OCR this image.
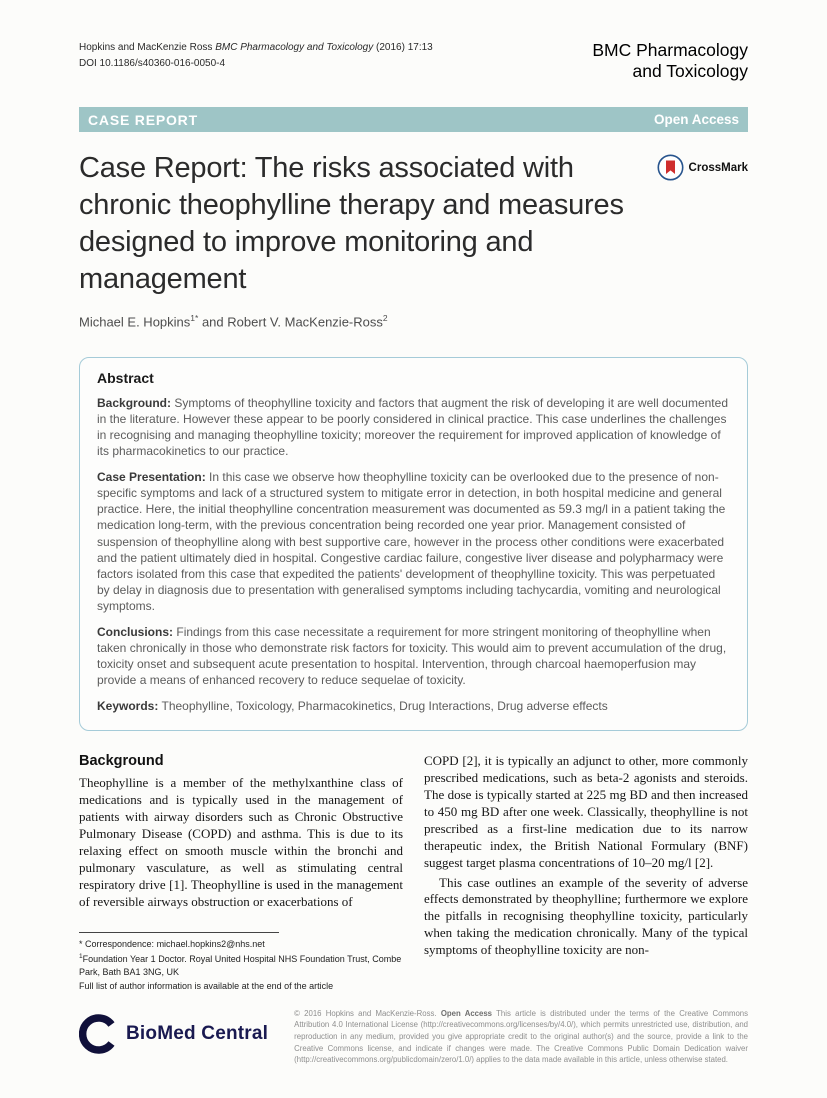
Hopkins and MacKenzie Ross BMC Pharmacology and Toxicology (2016) 17:13
DOI 10.1186/s40360-016-0050-4
BMC Pharmacology
and Toxicology
CASE REPORT	Open Access
Case Report: The risks associated with chronic theophylline therapy and measures designed to improve monitoring and management
CrossMark
Michael E. Hopkins$^{1*}$ and Robert V. MacKenzie-Ross$^2$
Abstract

Background: Symptoms of theophylline toxicity and factors that augment the risk of developing it are well documented in the literature. However these appear to be poorly considered in clinical practice. This case underlines the challenges in recognising and managing theophylline toxicity; moreover the requirement for improved application of knowledge of its pharmacokinetics to our practice.

Case Presentation: In this case we observe how theophylline toxicity can be overlooked due to the presence of non-specific symptoms and lack of a structured system to mitigate error in detection, in both hospital medicine and general practice. Here, the initial theophylline concentration measurement was documented as 59.3 mg/l in a patient taking the medication long-term, with the previous concentration being recorded one year prior. Management consisted of suspension of theophylline along with best supportive care, however in the process other conditions were exacerbated and the patient ultimately died in hospital. Congestive cardiac failure, congestive liver disease and polypharmacy were factors isolated from this case that expedited the patients' development of theophylline toxicity. This was perpetuated by delay in diagnosis due to presentation with generalised symptoms including tachycardia, vomiting and neurological symptoms.

Conclusions: Findings from this case necessitate a requirement for more stringent monitoring of theophylline when taken chronically in those who demonstrate risk factors for toxicity. This would aim to prevent accumulation of the drug, toxicity onset and subsequent acute presentation to hospital. Intervention, through charcoal haemoperfusion may provide a means of enhanced recovery to reduce sequelae of toxicity.

Keywords: Theophylline, Toxicology, Pharmacokinetics, Drug Interactions, Drug adverse effects

Background

Theophylline is a member of the methylxanthine class of medications and is typically used in the management of patients with airway disorders such as Chronic Obstructive Pulmonary Disease (COPD) and asthma. This is due to its relaxing effect on smooth muscle within the bronchi and pulmonary vasculature, as well as stimulating central respiratory drive [1]. Theophylline is used in the management of reversible airways obstruction or exacerbations of

* Correspondence: michael.hopkins2@nhs.net

$^1$Foundation Year 1 Doctor. Royal United Hospital NHS Foundation Trust, Combe Park, Bath BA1 3NG, UK

Full list of author information is available at the end of the article

COPD [2], it is typically an adjunct to other, more commonly prescribed medications, such as beta-2 agonists and steroids. The dose is typically started at 225 mg BD and then increased to 450 mg BD after one week. Classically, theophylline is not prescribed as a first-line medication due to its narrow therapeutic index, the British National Formulary (BNF) suggest target plasma concentrations of 10–20 mg/l [2].

This case outlines an example of the severity of adverse effects demonstrated by theophylline; furthermore we explore the pitfalls in recognising theophylline toxicity, particularly when taking the medication chronically. Many of the typical symptoms of theophylline toxicity are non-

BioMed Central

© 2016 Hopkins and MacKenzie-Ross. Open Access This article is distributed under the terms of the Creative Commons Attribution 4.0 International License (http://creativecommons.org/licenses/by/4.0/), which permits unrestricted use, distribution, and reproduction in any medium, provided you give appropriate credit to the original author(s) and the source, provide a link to the Creative Commons license, and indicate if changes were made. The Creative Commons Public Domain Dedication waiver (http://creativecommons.org/publicdomain/zero/1.0/) applies to the data made available in this article, unless otherwise stated.
